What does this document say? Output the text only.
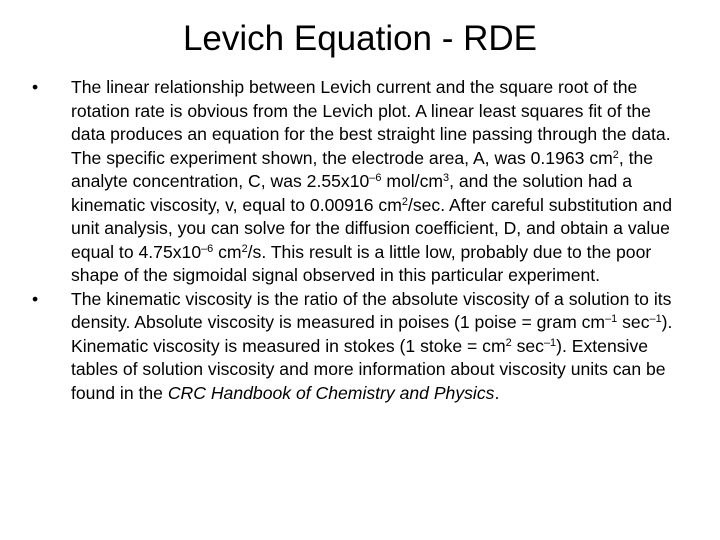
Levich Equation - RDE
• The linear relationship between Levich current and the square root of the rotation rate is obvious from the Levich plot. A linear least squares fit of the data produces an equation for the best straight line passing through the data. The specific experiment shown, the electrode area, A, was 0.1963 $cm^2$, the analyte concentration, C, was $2.55x10^{-6}$ mol/$cm^3$, and the solution had a kinematic viscosity, v, equal to 0.00916 $cm^2/\sec$. After careful substitution and unit analysis, you can solve for the diffusion coefficient, D, and obtain a value equal to $4.75x10^{-6}$ $cm^2/s$. This result is a little low, probably due to the poor shape of the sigmoidal signal observed in this particular experiment.
• The kinematic viscosity is the ratio of the absolute viscosity of a solution to its density. Absolute viscosity is measured in poises (1 poise = gram $cm^{-1}$ $\sec^{-1}$). Kinematic viscosity is measured in stokes (1 stoke = $cm^2$ $\sec^{-1}$). Extensive tables of solution viscosity and more information about viscosity units can be found in the CRC Handbook of Chemistry and Physics.
